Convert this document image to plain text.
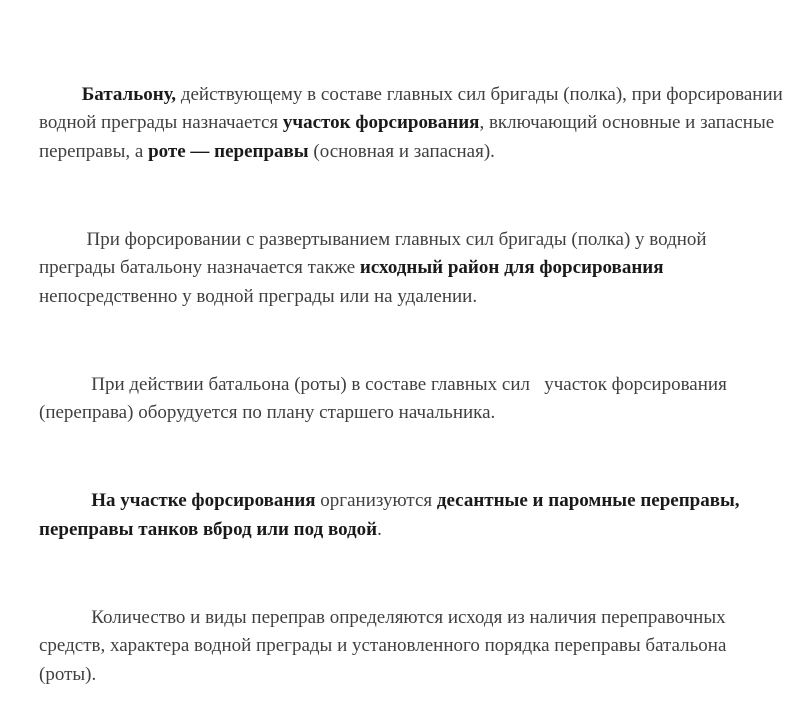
Батальону, действующему в составе главных сил бригады (полка), при форсировании водной преграды назначается участок форсирования, включающий основные и запасные переправы, а роте — переправы (основная и запасная).

При форсировании с развертыванием главных сил бригады (полка) у водной преграды батальону назначается также исходный район для форсирования непосредственно у водной преграды или на удалении.

При действии батальона (роты) в составе главных сил   участок форсирования (переправа) оборудуется по плану старшего начальника.

На участке форсирования организуются десантные и паромные переправы, переправы танков вброд или под водой.

Количество и виды переправ определяются исходя из наличия переправочных средств, характера водной преграды и установленного порядка переправы батальона (роты).
